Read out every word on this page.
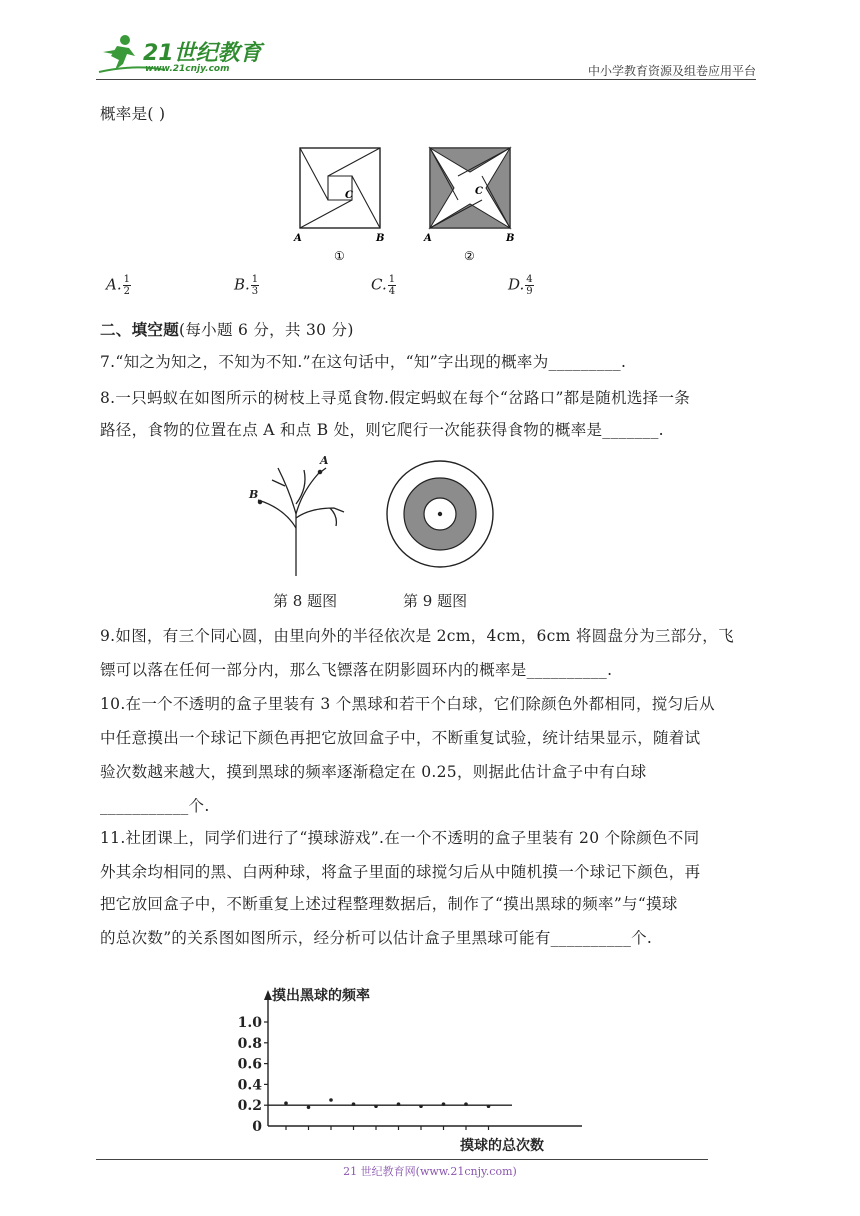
21世纪教育
www.21cnjy.com	中小学教育资源及组卷应用平台
概率是( )
C
A	B
①
C
A	B
②
A. $\frac{1}{2}$	B. $\frac{1}{3}$	C. $\frac{1}{4}$	D. $\frac{4}{9}$
二、填空题(每小题 6 分，共 30 分)
7.“知之为知之，不知为不知.”在这句话中，“知”字出现的概率为_________.
8.一只蚂蚁在如图所示的树枝上寻觅食物.假定蚂蚁在每个“岔路口”都是随机选择一条
路径，食物的位置在点 A 和点 B 处，则它爬行一次能获得食物的概率是_______.
A
B
第 8 题图	第 9 题图
9.如图，有三个同心圆，由里向外的半径依次是 2cm，4cm，6cm 将圆盘分为三部分，飞
镖可以落在任何一部分内，那么飞镖落在阴影圆环内的概率是__________.
10.在一个不透明的盒子里装有 3 个黑球和若干个白球，它们除颜色外都相同，搅匀后从
中任意摸出一个球记下颜色再把它放回盒子中，不断重复试验，统计结果显示，随着试
验次数越来越大，摸到黑球的频率逐渐稳定在 0.25，则据此估计盒子中有白球
___________个.
11.社团课上，同学们进行了“摸球游戏”.在一个不透明的盒子里装有 20 个除颜色不同
外其余均相同的黑、白两种球，将盒子里面的球搅匀后从中随机摸一个球记下颜色，再
把它放回盒子中，不断重复上述过程整理数据后，制作了“摸出黑球的频率”与“摸球
的总次数”的关系图如图所示，经分析可以估计盒子里黑球可能有__________个.
摸出黑球的频率
摸球的总次数
1.0
0.8
0.6
0.4
0.2
0
21 世纪教育网(www.21cnjy.com)
